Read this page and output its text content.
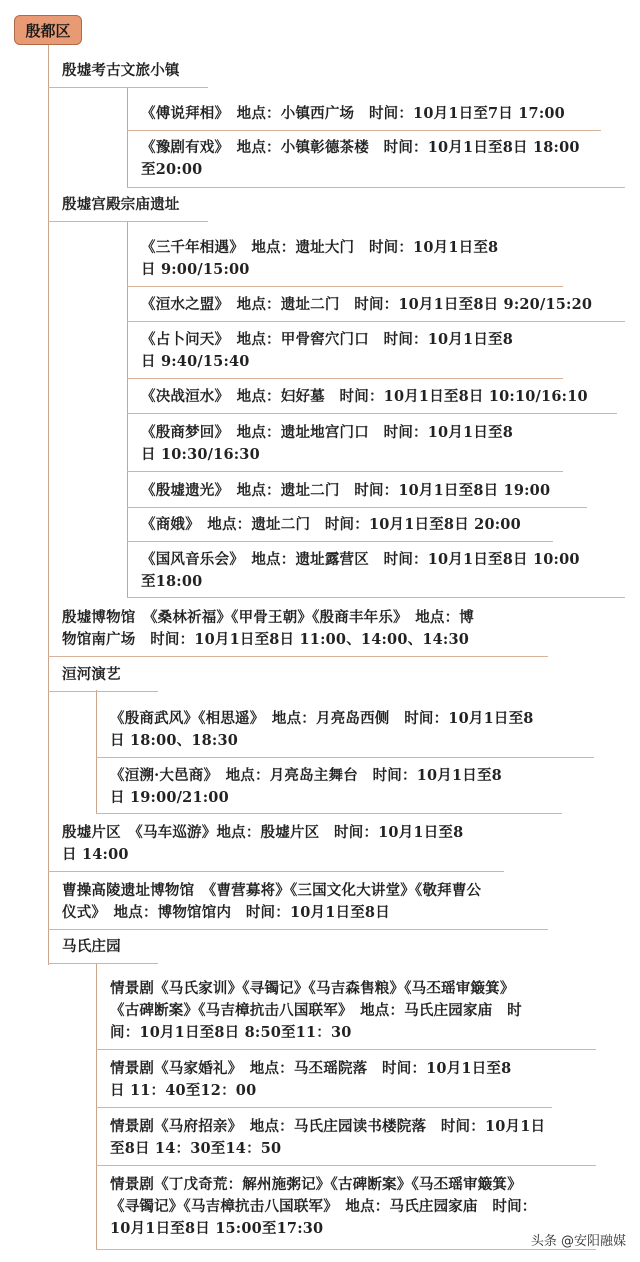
殷都区
殷墟考古文旅小镇
《傅说拜相》　地点：小镇西广场　时间：10月1日至7日 17:00
《豫剧有戏》　地点：小镇彰德茶楼　时间：10月1日至8日 18:00
至20:00
殷墟宫殿宗庙遗址
《三千年相遇》　地点：遗址大门　时间：10月1日至8
日 9:00/15:00
《洹水之盟》　地点：遗址二门　时间：10月1日至8日 9:20/15:20
《占卜问天》　地点：甲骨窖穴门口　时间：10月1日至8
日 9:40/15:40
《决战洹水》　地点：妇好墓　时间：10月1日至8日 10:10/16:10
《殷商梦回》　地点：遗址地宫门口　时间：10月1日至8
日 10:30/16:30
《殷墟遗光》　地点：遗址二门　时间：10月1日至8日 19:00
《商娥》　地点：遗址二门　时间：10月1日至8日 20:00
《国风音乐会》　地点：遗址露营区　时间：10月1日至8日 10:00
至18:00
殷墟博物馆　《桑林祈福》《甲骨王朝》《殷商丰年乐》　地点：博
物馆南广场　时间：10月1日至8日 11:00、14:00、14:30
洹河演艺
《殷商武风》《相思遥》　地点：月亮岛西侧　时间：10月1日至8
日 18:00、18:30
《洹溯·大邑商》　地点：月亮岛主舞台　时间：10月1日至8
日 19:00/21:00
殷墟片区　《马车巡游》地点：殷墟片区　时间：10月1日至8
日 14:00
曹操高陵遗址博物馆　《曹营募将》《三国文化大讲堂》《敬拜曹公
仪式》　地点：博物馆馆内　时间：10月1日至8日
马氏庄园
情景剧《马氏家训》《寻镯记》《马吉森售粮》《马丕瑶审簸箕》
《古碑断案》《马吉樟抗击八国联军》　地点：马氏庄园家庙　时
间：10月1日至8日 8:50至11：30
情景剧《马家婚礼》　地点：马丕瑶院落　时间：10月1日至8
日 11：40至12：00
情景剧《马府招亲》　地点：马氏庄园读书楼院落　时间：10月1日
至8日 14：30至14：50
情景剧《丁戊奇荒：解州施粥记》《古碑断案》《马丕瑶审簸箕》
《寻镯记》《马吉樟抗击八国联军》　地点：马氏庄园家庙　时间：
10月1日至8日 15:00至17:30
头条 @安阳融媒
